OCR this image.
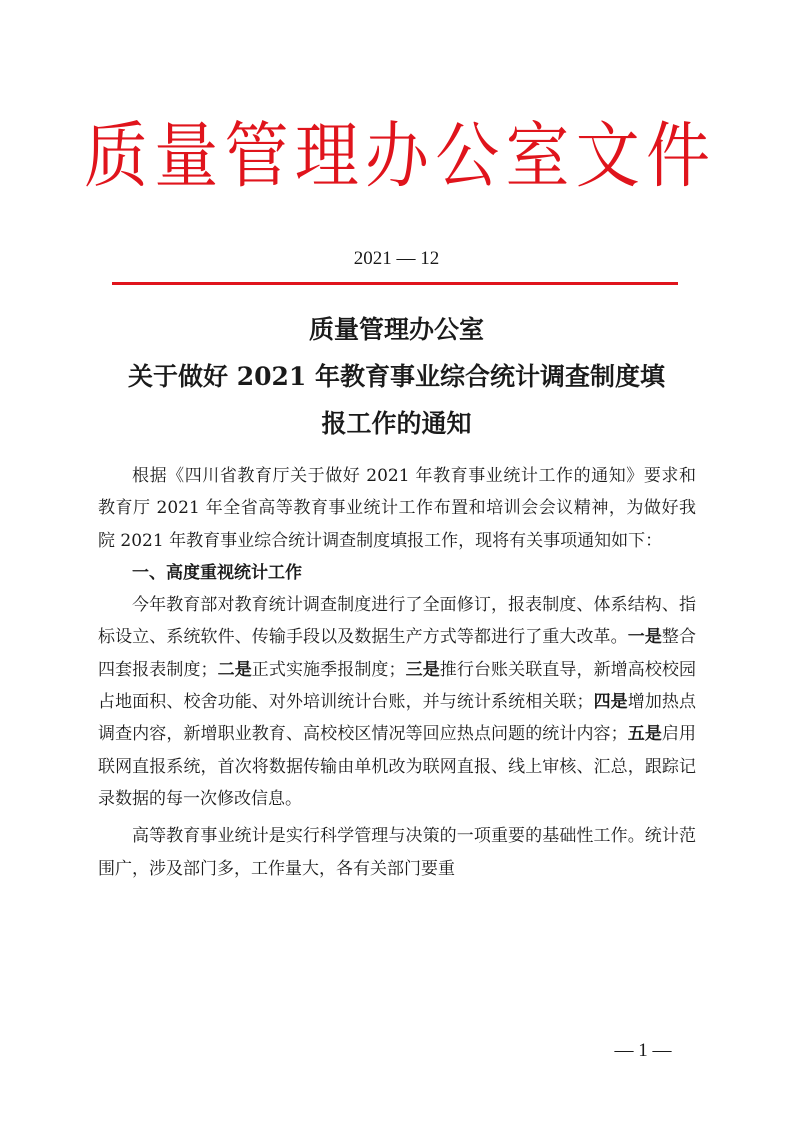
质 量 管 理 办 公 室 文 件
2021 — 12
质量管理办公室
关于做好 2021 年教育事业综合统计调查制度填
报工作的通知

根据《四川省教育厅关于做好 2021 年教育事业统计工作的通知》要求和教育厅 2021 年全省高等教育事业统计工作布置和培训会会议精神，为做好我院 2021 年教育事业综合统计调查制度填报工作，现将有关事项通知如下：

一、高度重视统计工作

今年教育部对教育统计调查制度进行了全面修订，报表制度、体系结构、指标设立、系统软件、传输手段以及数据生产方式等都进行了重大改革。一是整合四套报表制度；二是正式实施季报制度；三是推行台账关联直导，新增高校校园占地面积、校舍功能、对外培训统计台账，并与统计系统相关联；四是增加热点调查内容，新增职业教育、高校校区情况等回应热点问题的统计内容；五是启用联网直报系统，首次将数据传输由单机改为联网直报、线上审核、汇总，跟踪记录数据的每一次修改信息。

高等教育事业统计是实行科学管理与决策的一项重要的基础性工作。统计范围广，涉及部门多，工作量大，各有关部门要重

— 1 —
